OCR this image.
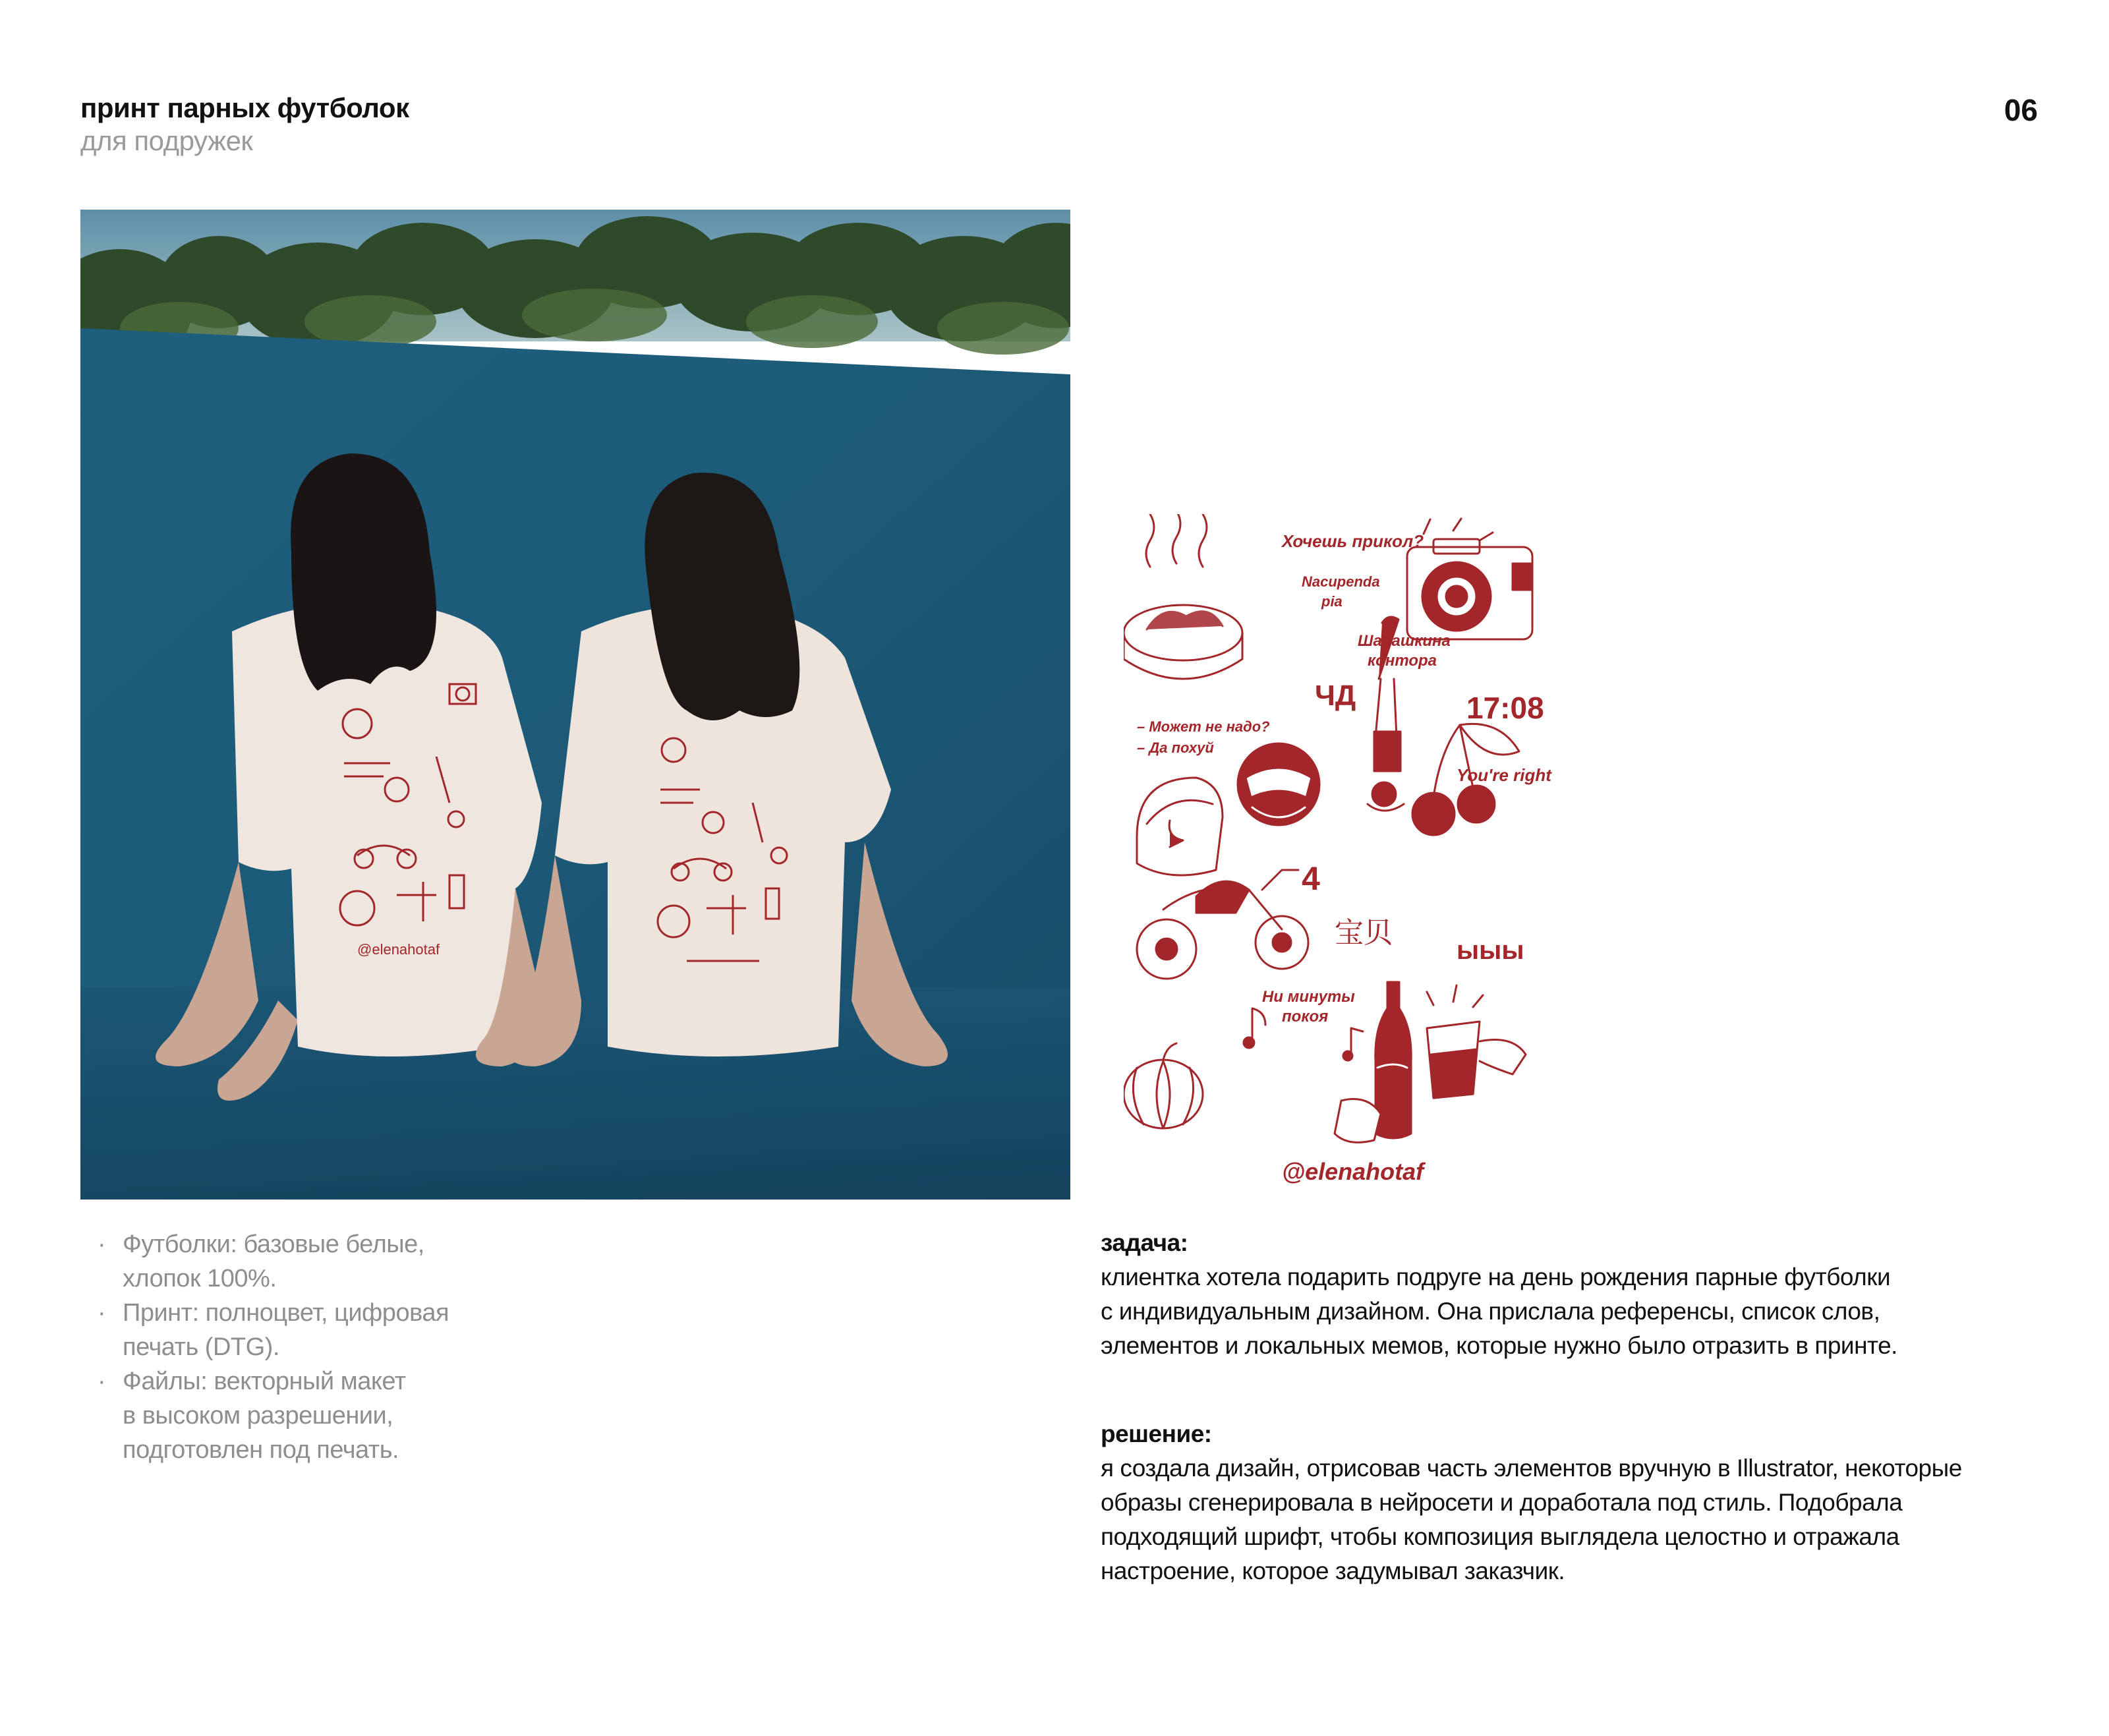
принт парных футболок
для подружек
06
@elenahotaf
Хочешь прикол?
Nacupenda
pia
Шарашкина
контора
ЧД	17:08
– Может не надо?
– Да похуй
You're right
4
宝贝
ыыы
Ни минуты
покоя
@elenahotaf
· Футболки: базовые белые,
хлопок 100%.
· Принт: полноцвет, цифровая
печать (DTG).
· Файлы: векторный макет
в высоком разрешении,
подготовлен под печать.
задача:
клиентка хотела подарить подруге на день рождения парные футболки
с индивидуальным дизайном. Она прислала референсы, список слов,
элементов и локальных мемов, которые нужно было отразить в принте.
решение:
я создала дизайн, отрисовав часть элементов вручную в Illustrator, некоторые
образы сгенерировала в нейросети и доработала под стиль. Подобрала
подходящий шрифт, чтобы композиция выглядела целостно и отражала
настроение, которое задумывал заказчик.
